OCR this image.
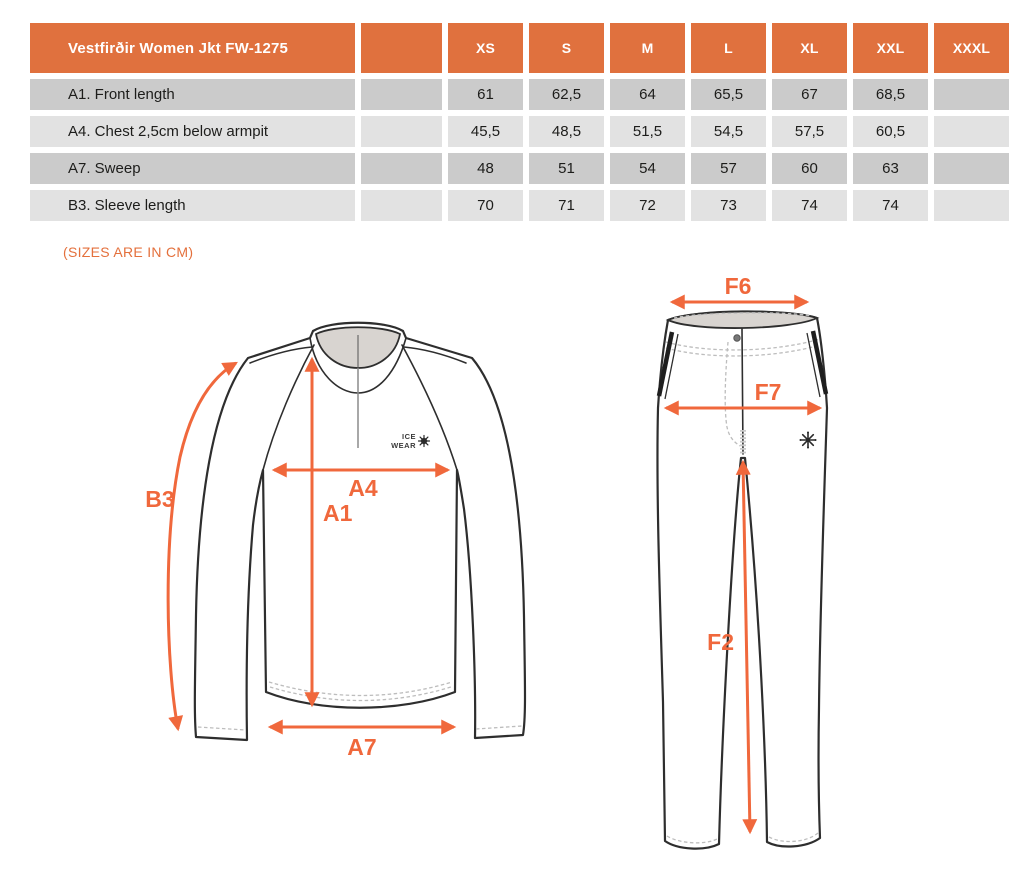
Vestfirðir Women Jkt FW-1275	XS	S	M	L	XL	XXL	XXXL
A1. Front length	61	62,5	64	65,5	67	68,5
A4. Chest 2,5cm below armpit	45,5	48,5	51,5	54,5	57,5	60,5
A7. Sweep	48	51	54	57	60	63
B3. Sleeve length	70	71	72	73	74	74
(SIZES ARE IN CM)
ICE
WEAR
B3	A4
A1
A7
F6
F7
F2
